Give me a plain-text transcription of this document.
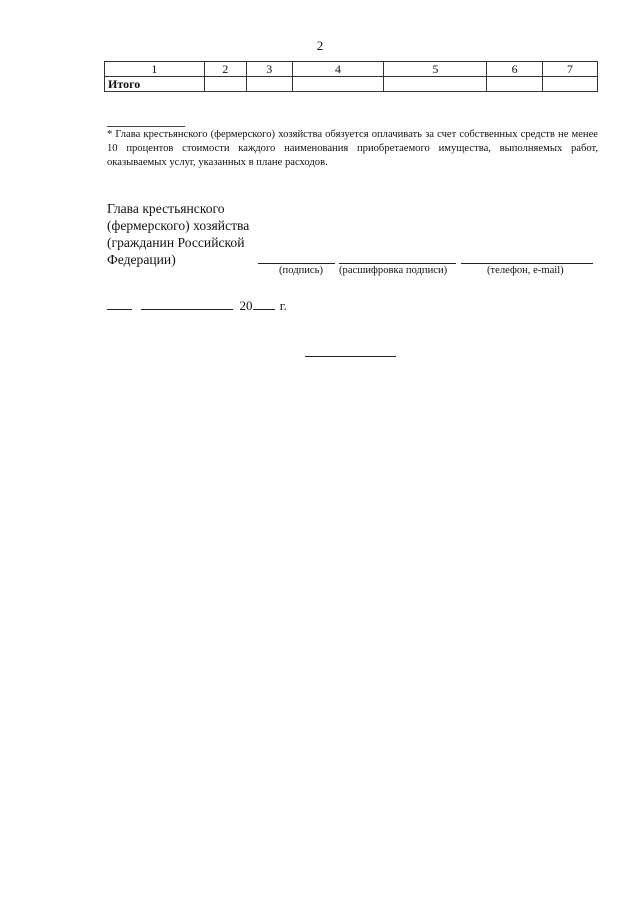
2
1	2	3	4	5	6	7
Итого						
* Глава крестьянского (фермерского) хозяйства обязуется оплачивать за счет собственных средств не менее 10 процентов стоимости каждого наименования приобретаемого имущества, выполняемых работ, оказываемых услуг, указанных в плане расходов.
Глава крестьянского (фермерского) хозяйства (гражданин Российской Федерации)
(подпись) (расшифровка подписи)	(телефон, e-mail)
20 г.
